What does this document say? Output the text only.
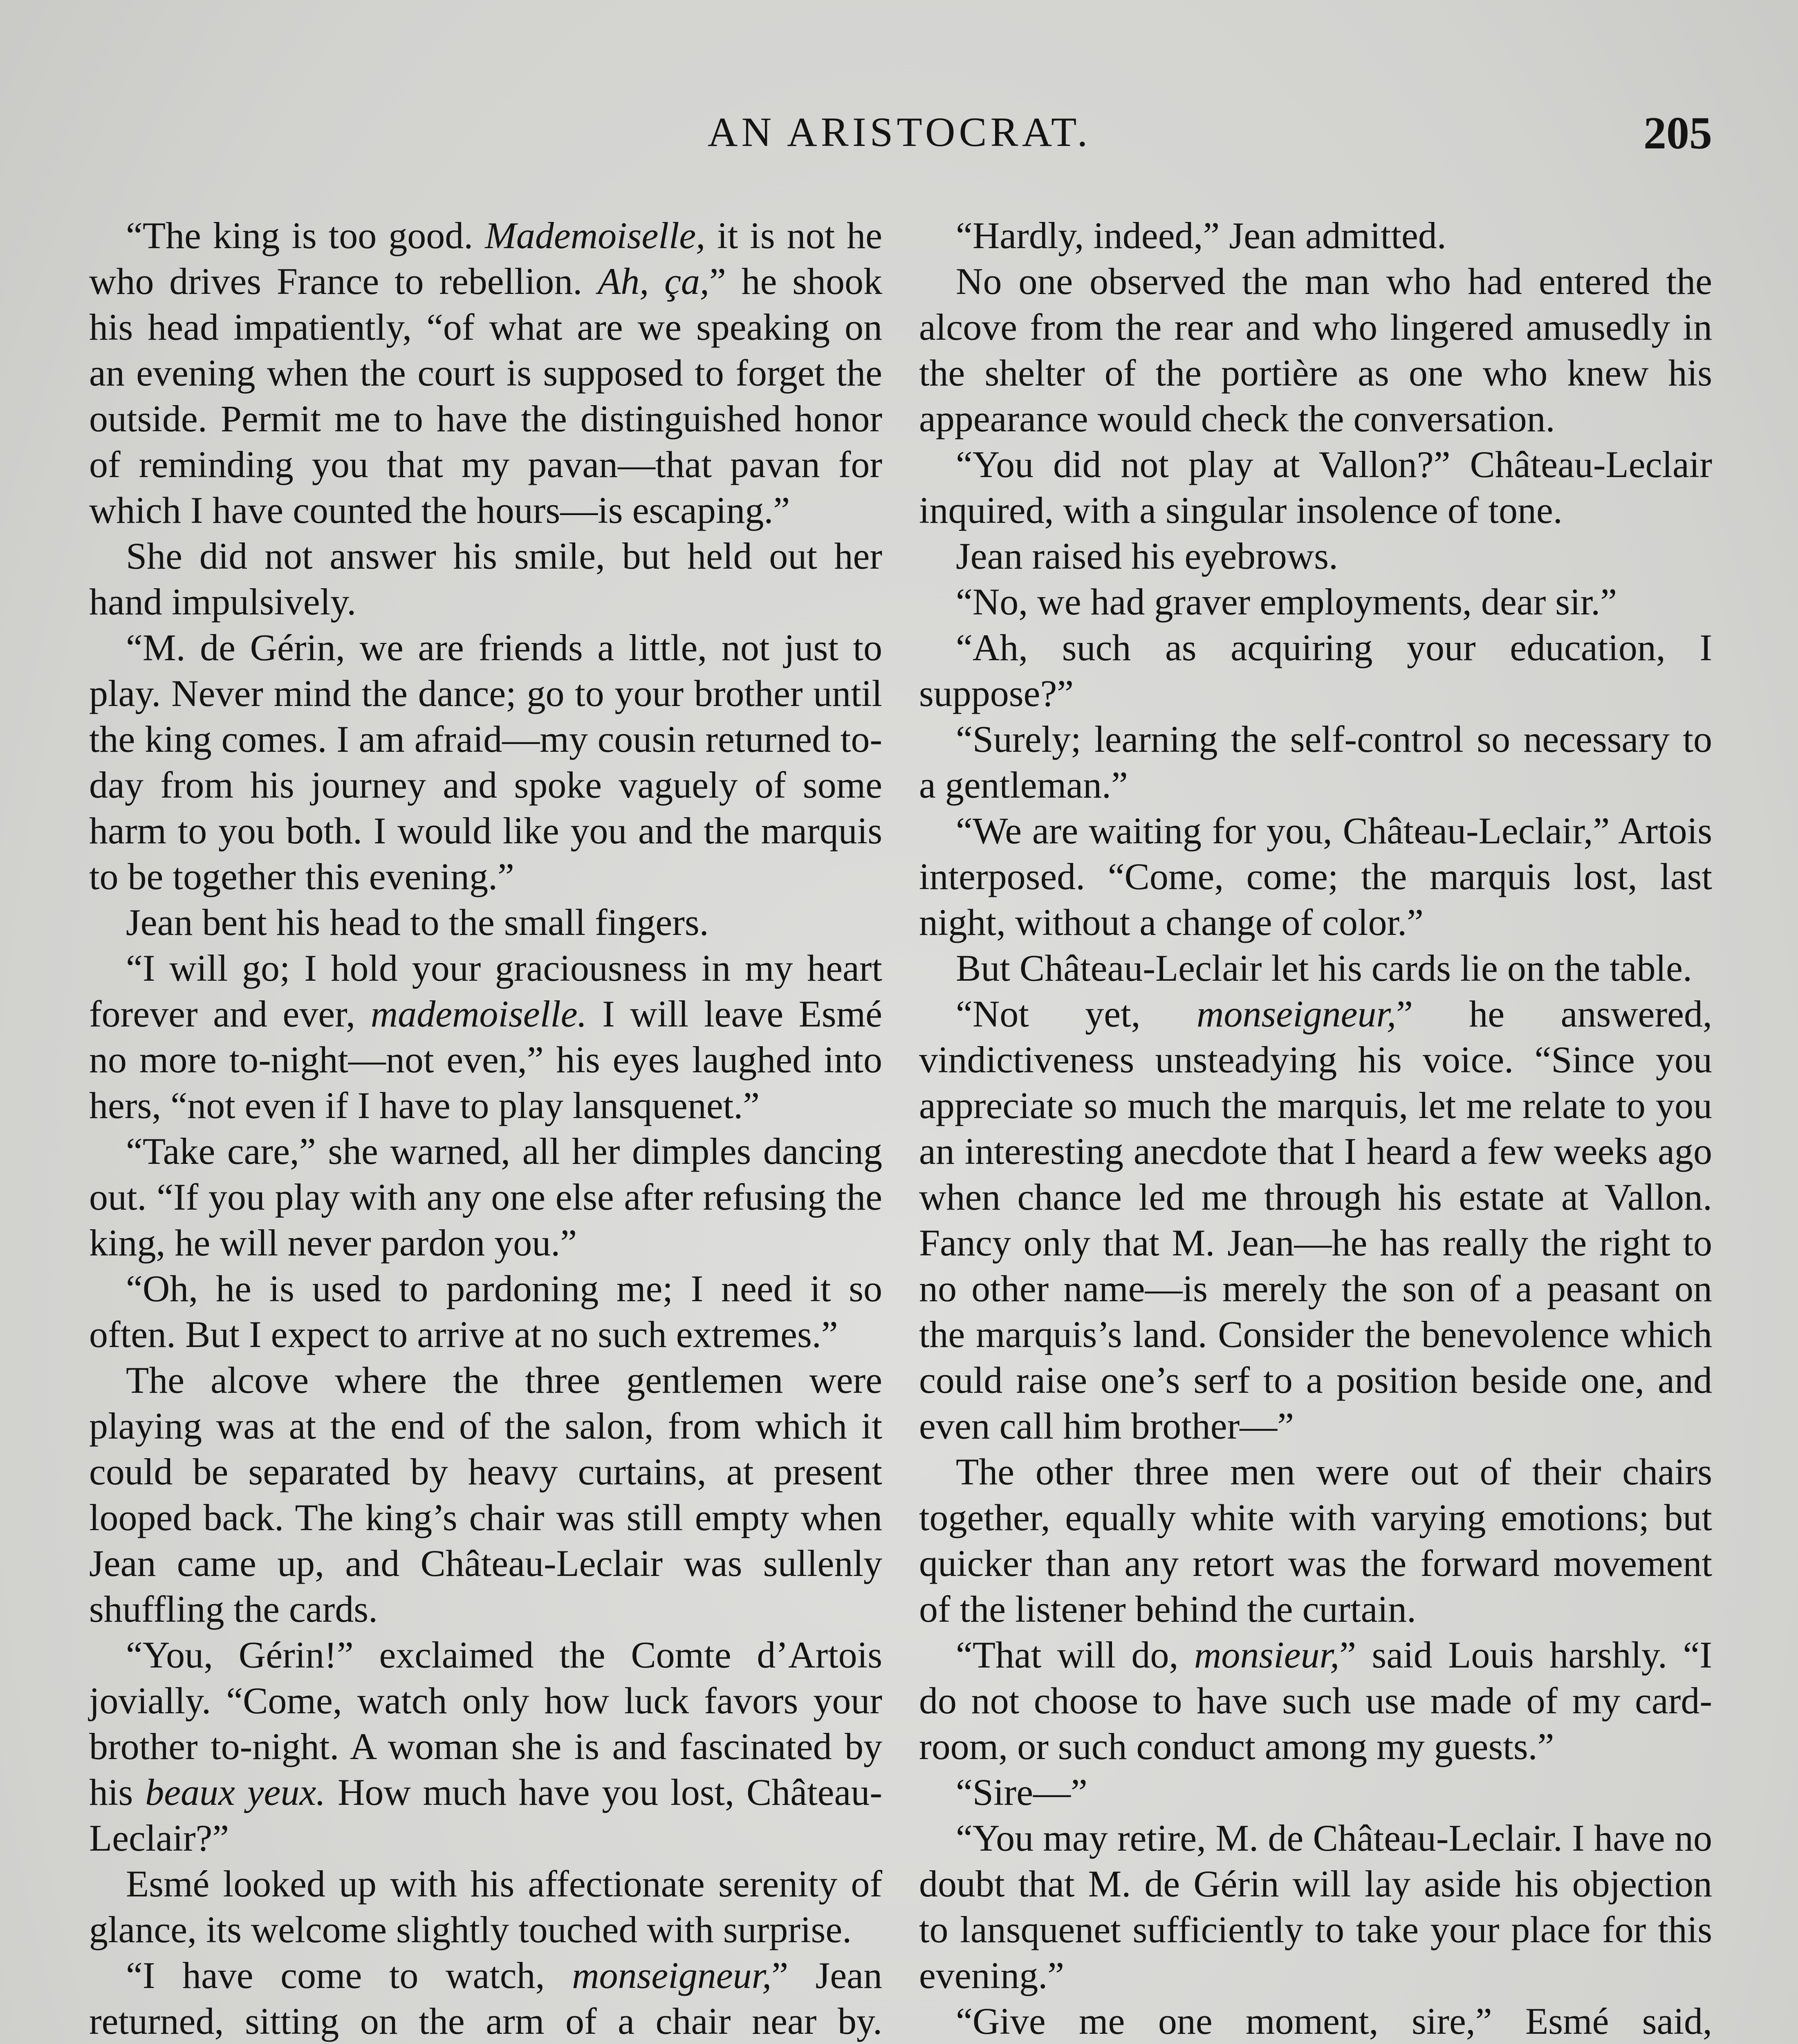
AN ARISTOCRAT.	205

“The king is too good. Mademoiselle, it is not he who drives France to rebellion. Ah, ça,” he shook his head impatiently, “of what are we speaking on an evening when the court is supposed to forget the outside. Permit me to have the distinguished honor of reminding you that my pavan—that pavan for which I have counted the hours—is escaping.”

She did not answer his smile, but held out her hand impulsively.

“M. de Gérin, we are friends a little, not just to play. Never mind the dance; go to your brother until the king comes. I am afraid—my cousin returned to-day from his journey and spoke vaguely of some harm to you both. I would like you and the marquis to be together this evening.”

Jean bent his head to the small fingers.

“I will go; I hold your graciousness in my heart forever and ever, mademoiselle. I will leave Esmé no more to-night—not even,” his eyes laughed into hers, “not even if I have to play lansquenet.”

“Take care,” she warned, all her dimples dancing out. “If you play with any one else after refusing the king, he will never pardon you.”

“Oh, he is used to pardoning me; I need it so often. But I expect to arrive at no such extremes.”

The alcove where the three gentlemen were playing was at the end of the salon, from which it could be separated by heavy curtains, at present looped back. The king’s chair was still empty when Jean came up, and Château-Leclair was sullenly shuffling the cards.

“You, Gérin!” exclaimed the Comte d’Artois jovially. “Come, watch only how luck favors your brother to-night. A woman she is and fascinated by his beaux yeux. How much have you lost, Château-Leclair?”

Esmé looked up with his affectionate serenity of glance, its welcome slightly touched with surprise.

“I have come to watch, monseigneur,” Jean returned, sitting on the arm of a chair near by.

“Hardly, indeed,” Jean admitted.

No one observed the man who had entered the alcove from the rear and who lingered amusedly in the shelter of the portière as one who knew his appearance would check the conversation.

“You did not play at Vallon?” Château-Leclair inquired, with a singular insolence of tone.

Jean raised his eyebrows.

“No, we had graver employments, dear sir.”

“Ah, such as acquiring your education, I suppose?”

“Surely; learning the self-control so necessary to a gentleman.”

“We are waiting for you, Château-Leclair,” Artois interposed. “Come, come; the marquis lost, last night, without a change of color.”

But Château-Leclair let his cards lie on the table.

“Not yet, monseigneur,” he answered, vindictiveness unsteadying his voice. “Since you appreciate so much the marquis, let me relate to you an interesting anecdote that I heard a few weeks ago when chance led me through his estate at Vallon. Fancy only that M. Jean—he has really the right to no other name—is merely the son of a peasant on the marquis’s land. Consider the benevolence which could raise one’s serf to a position beside one, and even call him brother—”

The other three men were out of their chairs together, equally white with varying emotions; but quicker than any retort was the forward movement of the listener behind the curtain.

“That will do, monsieur,” said Louis harshly. “I do not choose to have such use made of my card-room, or such conduct among my guests.”

“Sire—”

“You may retire, M. de Château-Leclair. I have no doubt that M. de Gérin will lay aside his objection to lansquenet sufficiently to take your place for this evening.”

“Give me one moment, sire,” Esmé said,
